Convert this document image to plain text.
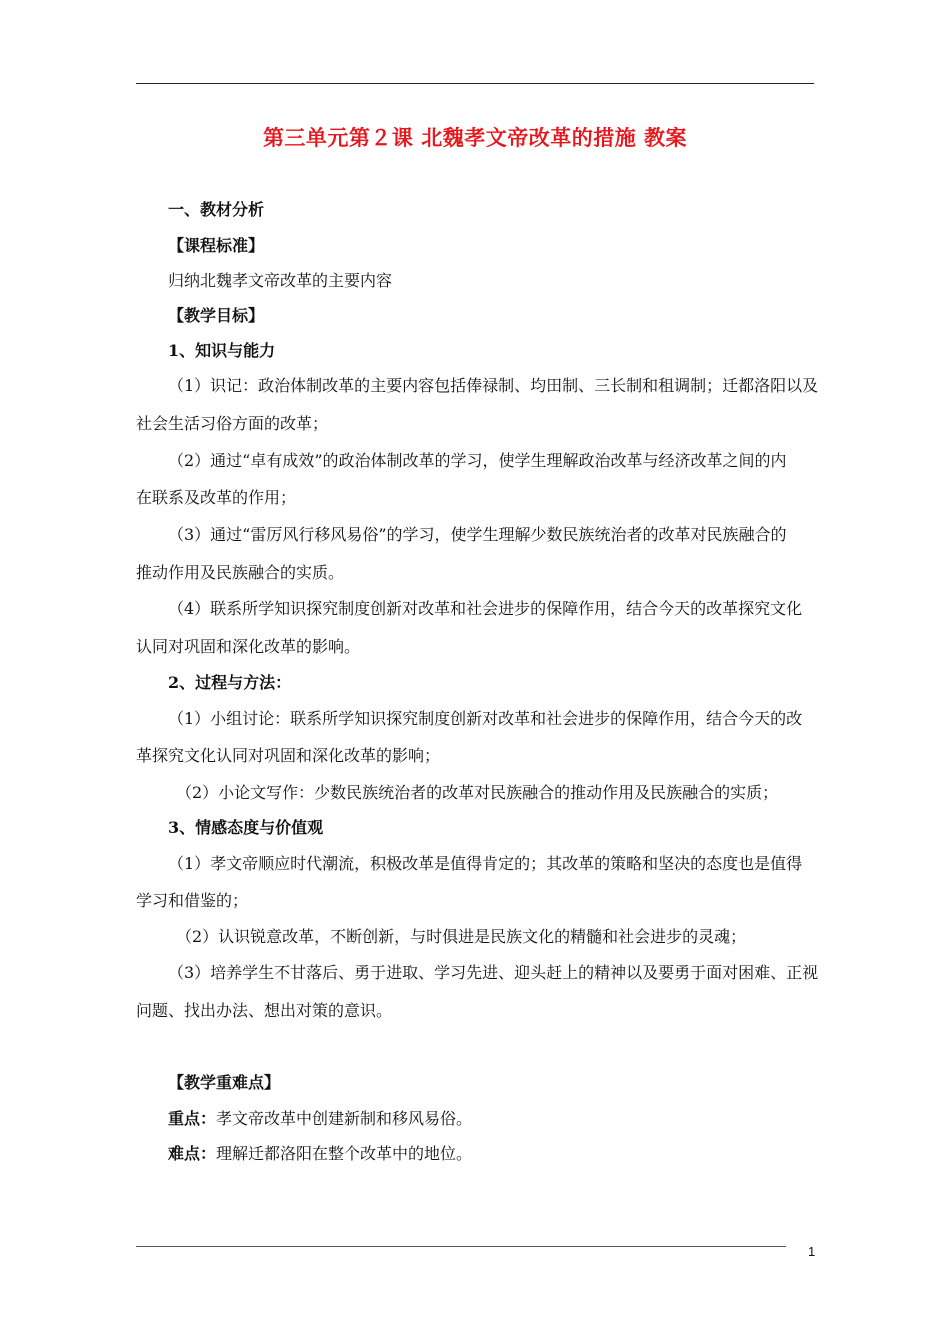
第三单元第２课 北魏孝文帝改革的措施 教案
一、教材分析
【课程标准】
归纳北魏孝文帝改革的主要内容
【教学目标】
1、知识与能力
（1）识记：政治体制改革的主要内容包括俸禄制、均田制、三长制和租调制；迁都洛阳以及
社会生活习俗方面的改革；
（2）通过“卓有成效”的政治体制改革的学习，使学生理解政治改革与经济改革之间的内
在联系及改革的作用；
（3）通过“雷厉风行移风易俗”的学习，使学生理解少数民族统治者的改革对民族融合的
推动作用及民族融合的实质。
（4）联系所学知识探究制度创新对改革和社会进步的保障作用，结合今天的改革探究文化
认同对巩固和深化改革的影响。
2、过程与方法：
（1）小组讨论：联系所学知识探究制度创新对改革和社会进步的保障作用，结合今天的改
革探究文化认同对巩固和深化改革的影响；
（2）小论文写作：少数民族统治者的改革对民族融合的推动作用及民族融合的实质；
3、情感态度与价值观
（1）孝文帝顺应时代潮流，积极改革是值得肯定的；其改革的策略和坚决的态度也是值得
学习和借鉴的；
（2）认识锐意改革，不断创新，与时俱进是民族文化的精髓和社会进步的灵魂；
（3）培养学生不甘落后、勇于进取、学习先进、迎头赶上的精神以及要勇于面对困难、正视
问题、找出办法、想出对策的意识。
【教学重难点】
重点：孝文帝改革中创建新制和移风易俗。
难点：理解迁都洛阳在整个改革中的地位。
1
